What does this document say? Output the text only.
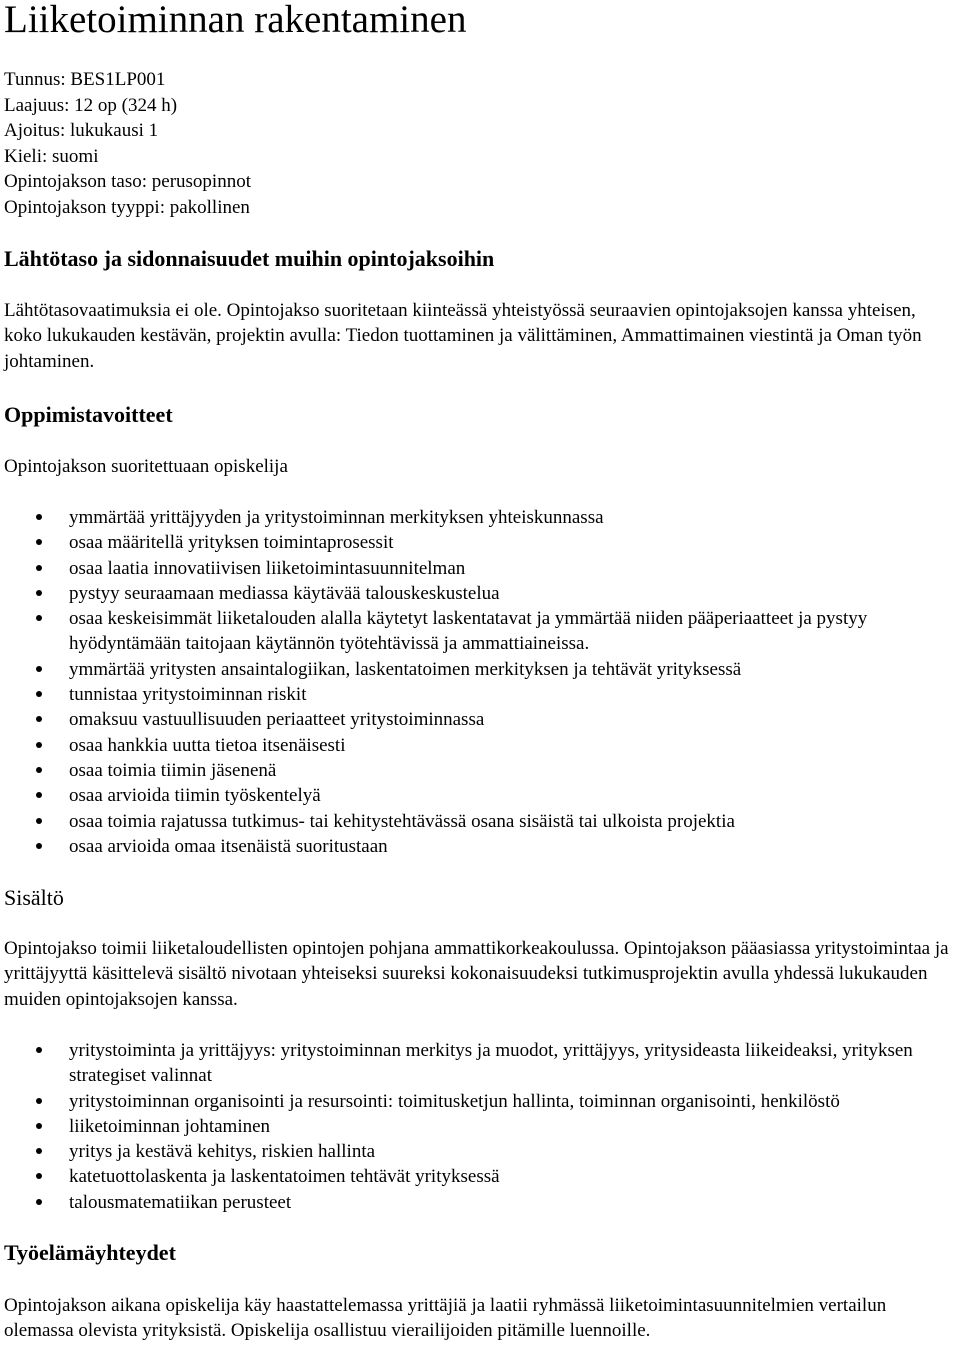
Liiketoiminnan rakentaminen
Tunnus: BES1LP001
Laajuus: 12 op (324 h)
Ajoitus: lukukausi 1
Kieli: suomi
Opintojakson taso: perusopinnot
Opintojakson tyyppi: pakollinen
Lähtötaso ja sidonnaisuudet muihin opintojaksoihin

Lähtötasovaatimuksia ei ole. Opintojakso suoritetaan kiinteässä yhteistyössä seuraavien opintojaksojen kanssa yhteisen, koko lukukauden kestävän, projektin avulla: Tiedon tuottaminen ja välittäminen, Ammattimainen viestintä ja Oman työn johtaminen.

Oppimistavoitteet

Opintojakson suoritettuaan opiskelija

ymmärtää yrittäjyyden ja yritystoiminnan merkityksen yhteiskunnassa
osaa määritellä yrityksen toimintaprosessit
osaa laatia innovatiivisen liiketoimintasuunnitelman
pystyy seuraamaan mediassa käytävää talouskeskustelua
osaa keskeisimmät liiketalouden alalla käytetyt laskentatavat ja ymmärtää niiden pääperiaatteet ja pystyy hyödyntämään taitojaan käytännön työtehtävissä ja ammattiaineissa.
ymmärtää yritysten ansaintalogiikan, laskentatoimen merkityksen ja tehtävät yrityksessä
tunnistaa yritystoiminnan riskit
omaksuu vastuullisuuden periaatteet yritystoiminnassa
osaa hankkia uutta tietoa itsenäisesti
osaa toimia tiimin jäsenenä
osaa arvioida tiimin työskentelyä
osaa toimia rajatussa tutkimus- tai kehitystehtävässä osana sisäistä tai ulkoista projektia
osaa arvioida omaa itsenäistä suoritustaan
Sisältö

Opintojakso toimii liiketaloudellisten opintojen pohjana ammattikorkeakoulussa. Opintojakson pääasiassa yritystoimintaa ja yrittäjyyttä käsittelevä sisältö nivotaan yhteiseksi suureksi kokonaisuudeksi tutkimusprojektin avulla yhdessä lukukauden muiden opintojaksojen kanssa.

yritystoiminta ja yrittäjyys: yritystoiminnan merkitys ja muodot, yrittäjyys, yritysideasta liikeideaksi, yrityksen strategiset valinnat
yritystoiminnan organisointi ja resursointi: toimitusketjun hallinta, toiminnan organisointi, henkilöstö
liiketoiminnan johtaminen
yritys ja kestävä kehitys, riskien hallinta
katetuottolaskenta ja laskentatoimen tehtävät yrityksessä
talousmatematiikan perusteet
Työelämäyhteydet

Opintojakson aikana opiskelija käy haastattelemassa yrittäjiä ja laatii ryhmässä liiketoimintasuunnitelmien vertailun olemassa olevista yrityksistä. Opiskelija osallistuu vierailijoiden pitämille luennoille.
